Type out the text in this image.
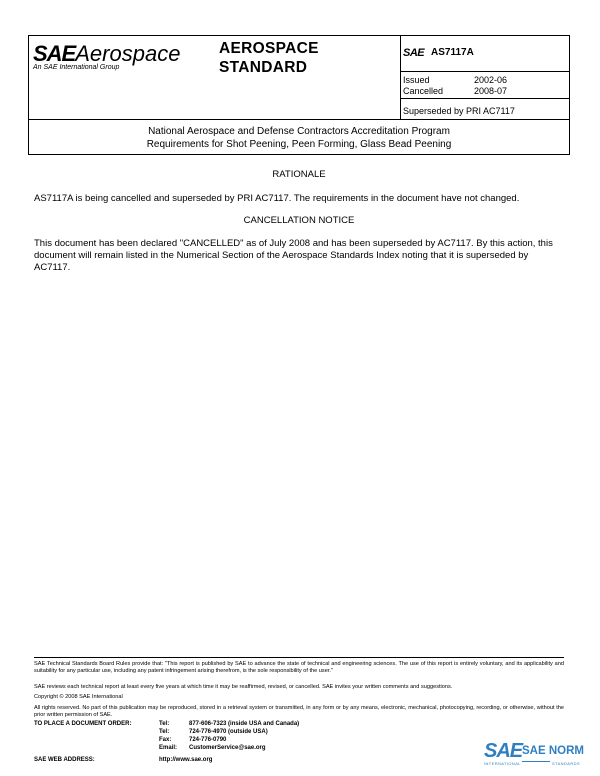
SAEAerospace
An SAE International Group
AEROSPACE
STANDARD
SAE AS7117A
Issued	2002-06
Cancelled	2008-07
Superseded by PRI AC7117
National Aerospace and Defense Contractors Accreditation Program
Requirements for Shot Peening, Peen Forming, Glass Bead Peening
RATIONALE
AS7117A is being cancelled and superseded by PRI AC7117. The requirements in the document have not changed.
CANCELLATION NOTICE
This document has been declared "CANCELLED" as of July 2008 and has been superseded by AC7117. By this action, this document will remain listed in the Numerical Section of the Aerospace Standards Index noting that it is superseded by AC7117.
SAE Technical Standards Board Rules provide that: "This report is published by SAE to advance the state of technical and engineering sciences. The use of this report is entirely voluntary, and its applicability and suitability for any particular use, including any patent infringement arising therefrom, is the sole responsibility of the user."
SAE reviews each technical report at least every five years at which time it may be reaffirmed, revised, or cancelled. SAE invites your written comments and suggestions.
Copyright © 2008 SAE International
All rights reserved. No part of this publication may be reproduced, stored in a retrieval system or transmitted, in any form or by any means, electronic, mechanical, photocopying, recording, or otherwise, without the prior written permission of SAE.
TO PLACE A DOCUMENT ORDER:	Tel:	877-606-7323 (inside USA and Canada)
Tel:	724-776-4970 (outside USA)
Fax:	724-776-0790
Email: CustomerService@sae.org
SAE WEB ADDRESS:	http://www.sae.org	SAE SAE NORM
INTERNATIONAL	STANDARDS
